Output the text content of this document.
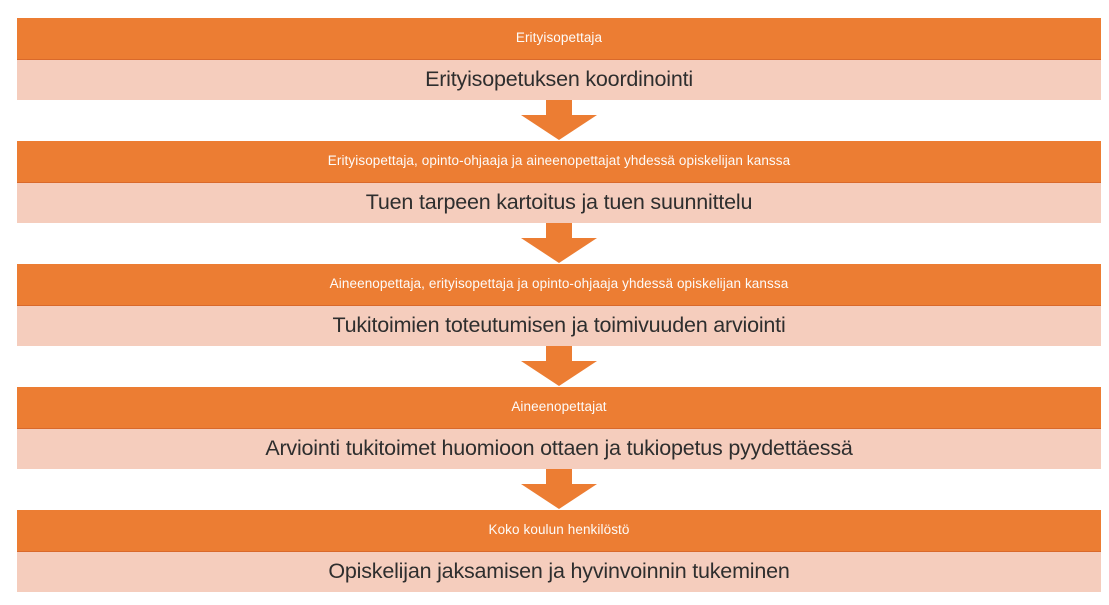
Erityisopettaja
Erityisopetuksen koordinointi
Erityisopettaja, opinto-ohjaaja ja aineenopettajat yhdessä opiskelijan kanssa
Tuen tarpeen kartoitus ja tuen suunnittelu
Aineenopettaja, erityisopettaja ja opinto-ohjaaja yhdessä opiskelijan kanssa
Tukitoimien toteutumisen ja toimivuuden arviointi
Aineenopettajat
Arviointi tukitoimet huomioon ottaen ja tukiopetus pyydettäessä
Koko koulun henkilöstö
Opiskelijan jaksamisen ja hyvinvoinnin tukeminen
